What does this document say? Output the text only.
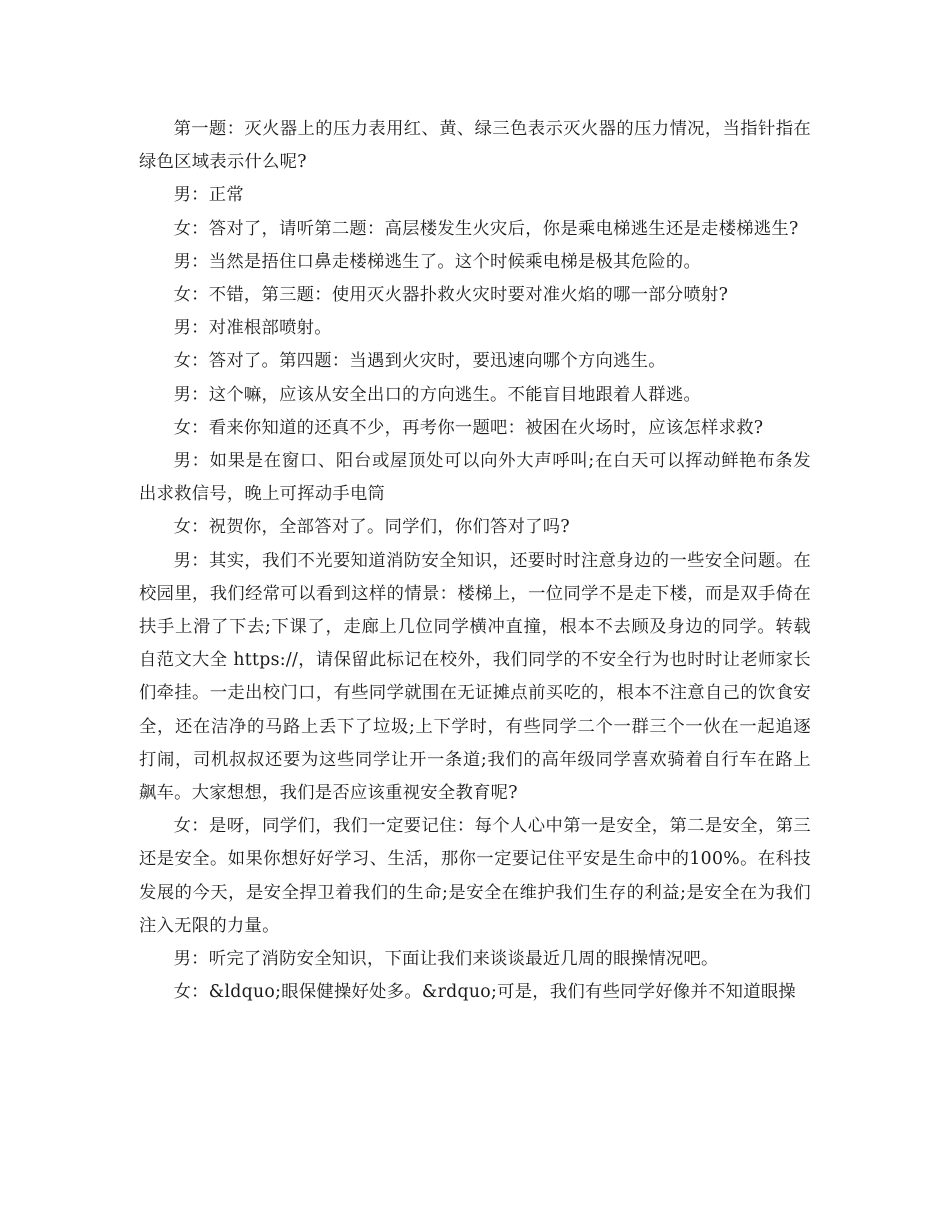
第一题：灭火器上的压力表用红、黄、绿三色表示灭火器的压力情况，当指针指在绿色区域表示什么呢?

男：正常

女：答对了，请听第二题：高层楼发生火灾后，你是乘电梯逃生还是走楼梯逃生?

男：当然是捂住口鼻走楼梯逃生了。这个时候乘电梯是极其危险的。

女：不错，第三题：使用灭火器扑救火灾时要对准火焰的哪一部分喷射?

男：对准根部喷射。

女：答对了。第四题：当遇到火灾时，要迅速向哪个方向逃生。

男：这个嘛，应该从安全出口的方向逃生。不能盲目地跟着人群逃。

女：看来你知道的还真不少，再考你一题吧：被困在火场时，应该怎样求救?

男：如果是在窗口、阳台或屋顶处可以向外大声呼叫;在白天可以挥动鲜艳布条发出求救信号，晚上可挥动手电筒

女：祝贺你，全部答对了。同学们，你们答对了吗?

男：其实，我们不光要知道消防安全知识，还要时时注意身边的一些安全问题。在校园里，我们经常可以看到这样的情景：楼梯上，一位同学不是走下楼，而是双手倚在扶手上滑了下去;下课了，走廊上几位同学横冲直撞，根本不去顾及身边的同学。转载自范文大全 https://，请保留此标记在校外，我们同学的不安全行为也时时让老师家长们牵挂。一走出校门口，有些同学就围在无证摊点前买吃的，根本不注意自己的饮食安全，还在洁净的马路上丢下了垃圾;上下学时，有些同学二个一群三个一伙在一起追逐打闹，司机叔叔还要为这些同学让开一条道;我们的高年级同学喜欢骑着自行车在路上飙车。大家想想，我们是否应该重视安全教育呢?

女：是呀，同学们，我们一定要记住：每个人心中第一是安全，第二是安全，第三还是安全。如果你想好好学习、生活，那你一定要记住平安是生命中的100%。在科技发展的今天，是安全捍卫着我们的生命;是安全在维护我们生存的利益;是安全在为我们注入无限的力量。

男：听完了消防安全知识，下面让我们来谈谈最近几周的眼操情况吧。

女：&ldquo;眼保健操好处多。&rdquo;可是，我们有些同学好像并不知道眼操
